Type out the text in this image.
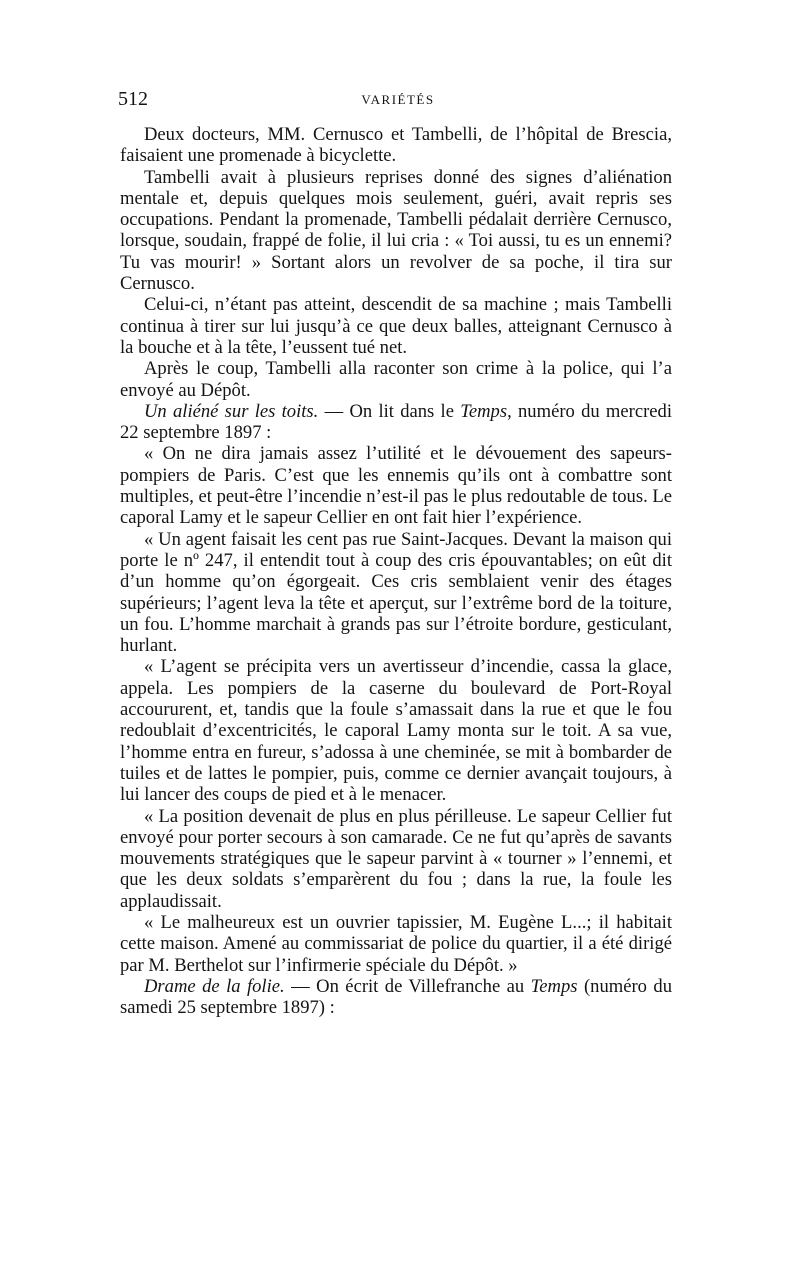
512	VARIÉTÉS

Deux docteurs, MM. Cernusco et Tambelli, de l’hôpital de Brescia, faisaient une promenade à bicyclette.

Tambelli avait à plusieurs reprises donné des signes d’aliénation mentale et, depuis quelques mois seulement, guéri, avait repris ses occupations. Pendant la promenade, Tambelli pédalait derrière Cernusco, lorsque, soudain, frappé de folie, il lui cria : « Toi aussi, tu es un ennemi? Tu vas mourir! » Sortant alors un revolver de sa poche, il tira sur Cernusco.

Celui-ci, n’étant pas atteint, descendit de sa machine ; mais Tambelli continua à tirer sur lui jusqu’à ce que deux balles, atteignant Cernusco à la bouche et à la tête, l’eussent tué net.

Après le coup, Tambelli alla raconter son crime à la police, qui l’a envoyé au Dépôt.

Un aliéné sur les toits. — On lit dans le Temps, numéro du mercredi 22 septembre 1897 :

« On ne dira jamais assez l’utilité et le dévouement des sapeurs-pompiers de Paris. C’est que les ennemis qu’ils ont à combattre sont multiples, et peut-être l’incendie n’est-il pas le plus redoutable de tous. Le caporal Lamy et le sapeur Cellier en ont fait hier l’expérience.

« Un agent faisait les cent pas rue Saint-Jacques. Devant la maison qui porte le nº 247, il entendit tout à coup des cris épouvantables; on eût dit d’un homme qu’on égorgeait. Ces cris semblaient venir des étages supérieurs; l’agent leva la tête et aperçut, sur l’extrême bord de la toiture, un fou. L’homme marchait à grands pas sur l’étroite bordure, gesticulant, hurlant.

« L’agent se précipita vers un avertisseur d’incendie, cassa la glace, appela. Les pompiers de la caserne du boulevard de Port-Royal accoururent, et, tandis que la foule s’amassait dans la rue et que le fou redoublait d’excentricités, le caporal Lamy monta sur le toit. A sa vue, l’homme entra en fureur, s’adossa à une cheminée, se mit à bombarder de tuiles et de lattes le pompier, puis, comme ce dernier avançait toujours, à lui lancer des coups de pied et à le menacer.

« La position devenait de plus en plus périlleuse. Le sapeur Cellier fut envoyé pour porter secours à son camarade. Ce ne fut qu’après de savants mouvements stratégiques que le sapeur parvint à « tourner » l’ennemi, et que les deux soldats s’emparèrent du fou ; dans la rue, la foule les applaudissait.

« Le malheureux est un ouvrier tapissier, M. Eugène L...; il habitait cette maison. Amené au commissariat de police du quartier, il a été dirigé par M. Berthelot sur l’infirmerie spéciale du Dépôt. »

Drame de la folie. — On écrit de Villefranche au Temps (numéro du samedi 25 septembre 1897) :
